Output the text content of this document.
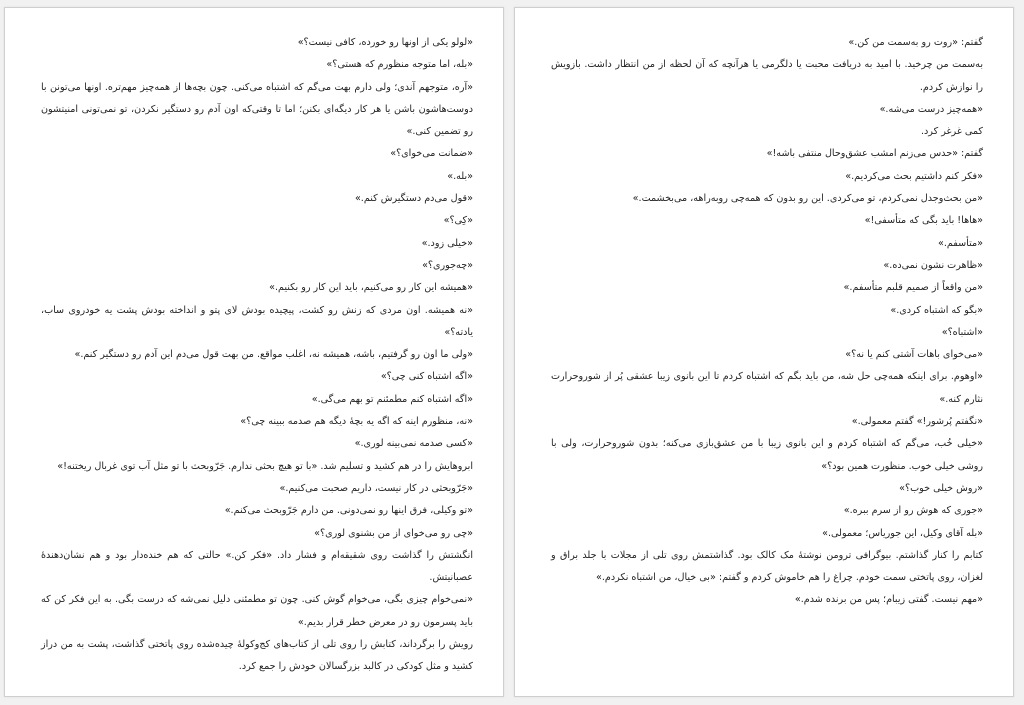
«لولو یکی از اونها رو خورده، کافی نیست؟»

«بله، اما متوجه منظورم که هستی؟»

«آره، متوجهم آندی؛ ولی دارم بهت می‌گم که اشتباه می‌کنی. چون بچه‌ها از همه‌چیز مهم‌تره. اونها می‌تونن با دوست‌هاشون باشن یا هر کار دیگه‌ای بکنن؛ اما تا وقتی‌که اون آدم رو دستگیر نکردن، تو نمی‌تونی امنیتشون رو تضمین کنی.»

«ضمانت می‌خوای؟»

«بله.»

«قول می‌دم دستگیرش کنم.»

«کِی؟»

«خیلی زود.»

«چه‌جوری؟»

«همیشه این کار رو می‌کنیم، باید این کار رو بکنیم.»

«نه همیشه. اون مردی که زنش رو کشت، پیچیده بودش لای پتو و انداخته بودش پشت یه خودروی ساب، یادته؟»

«ولی ما اون رو گرفتیم، باشه، همیشه نه، اغلب مواقع. من بهت قول می‌دم این آدم رو دستگیر کنم.»

«اگه اشتباه کنی چی؟»

«اگه اشتباه کنم مطمئنم تو بهم می‌گی.»

«نه، منظورم اینه که اگه یه بچهٔ دیگه هم صدمه ببینه چی؟»

«کسی صدمه نمی‌بینه لوری.»

ابروهایش را در هم کشید و تسلیم شد. «با تو هیچ بحثی ندارم. جَرّوبحث با تو مثل آب توی غربال ریختنه!»

«جَرّوبحثی در کار نیست، داریم صحبت می‌کنیم.»

«تو وکیلی، فرق اینها رو نمی‌دونی. من دارم جَرّوبحث می‌کنم.»

«چی رو می‌خوای از من بشنوی لوری؟»

انگشتش را گذاشت روی شقیقه‌ام و فشار داد. «فکر کن.» حالتی که هم خنده‌دار بود و هم نشان‌دهندهٔ عصبانیتش.

«نمی‌خوام چیزی بگی، می‌خوام گوش کنی. چون تو مطمئنی دلیل نمی‌شه که درست بگی. به این فکر کن که باید پسرمون رو در معرض خطر قرار بدیم.»

رویش را برگرداند، کتابش را روی تلی از کتاب‌های کج‌وکولهٔ چیده‌شده روی پاتختی گذاشت، پشت به من دراز کشید و مثل کودکی در کالبد بزرگسالان خودش را جمع کرد.

گفتم: «روت رو به‌سمت من کن.»

به‌سمت من چرخید. با امید به دریافت محبت یا دلگرمی یا هرآنچه که آن لحظه از من انتظار داشت. بازویش را نوازش کردم.

«همه‌چیز درست می‌شه.»

کمی غرغر کرد.

گفتم: «حدس می‌زنم امشب عشق‌وحال منتفی باشه!»

«فکر کنم داشتیم بحث می‌کردیم.»

«من بحث‌وجدل نمی‌کردم، تو می‌کردی. این رو بدون که همه‌چی روبه‌راهه، می‌بخشمت.»

«هاها! باید بگی که متأسفی!»

«متأسفم.»

«ظاهرت نشون نمی‌ده.»

«من واقعاً از صمیم قلبم متأسفم.»

«بگو که اشتباه کردی.»

«اشتباه؟»

«می‌خوای باهات آشتی کنم یا نه؟»

«اوهوم. برای اینکه همه‌چی حل شه، من باید بگم که اشتباه کردم تا این بانوی زیبا عشقی پُر از شوروحرارت نثارم کنه.»

«نگفتم پُرشور!» گفتم معمولی.»

«خیلی خُب، می‌گم که اشتباه کردم و این بانوی زیبا با من عشق‌بازی می‌کنه؛ بدون شوروحرارت، ولی با روشی خیلی خوب. منظورت همین بود؟»

«روش خیلی خوب؟»

«جوری که هوش رو از سرم ببره.»

«بله آقای وکیل، این جوریاس؛ معمولی.»

کتابم را کنار گذاشتم. بیوگرافی ترومن نوشتهٔ مک کالک بود. گذاشتمش روی تلی از مجلات با جلد براق و لغزان، روی پاتختی سمت خودم. چراغ را هم خاموش کردم و گفتم: «بی خیال، من اشتباه نکردم.»

«مهم نیست. گفتی زیبام؛ پس من برنده شدم.»
